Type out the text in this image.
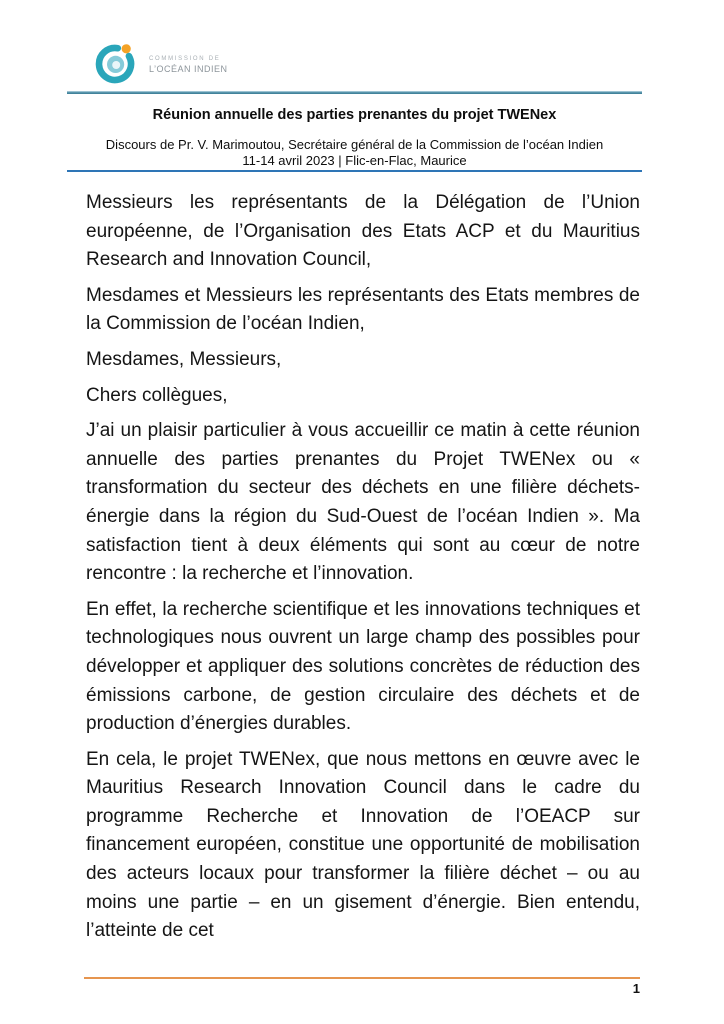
COMMISSION DE
L’OCÉAN INDIEN

Réunion annuelle des parties prenantes du projet TWENex

Discours de Pr. V. Marimoutou, Secrétaire général de la Commission de l’océan Indien

11-14 avril 2023 | Flic-en-Flac, Maurice

Messieurs les représentants de la Délégation de l’Union européenne, de l’Organisation des Etats ACP et du Mauritius Research and Innovation Council,

Mesdames et Messieurs les représentants des Etats membres de la Commission de l’océan Indien,

Mesdames, Messieurs,

Chers collègues,

J’ai un plaisir particulier à vous accueillir ce matin à cette réunion annuelle des parties prenantes du Projet TWENex ou « transformation du secteur des déchets en une filière déchets-énergie dans la région du Sud-Ouest de l’océan Indien ». Ma satisfaction tient à deux éléments qui sont au cœur de notre rencontre : la recherche et l’innovation.

En effet, la recherche scientifique et les innovations techniques et technologiques nous ouvrent un large champ des possibles pour développer et appliquer des solutions concrètes de réduction des émissions carbone, de gestion circulaire des déchets et de production d’énergies durables.

En cela, le projet TWENex, que nous mettons en œuvre avec le Mauritius Research Innovation Council dans le cadre du programme Recherche et Innovation de l’OEACP sur financement européen, constitue une opportunité de mobilisation des acteurs locaux pour transformer la filière déchet – ou au moins une partie – en un gisement d’énergie. Bien entendu, l’atteinte de cet

1
